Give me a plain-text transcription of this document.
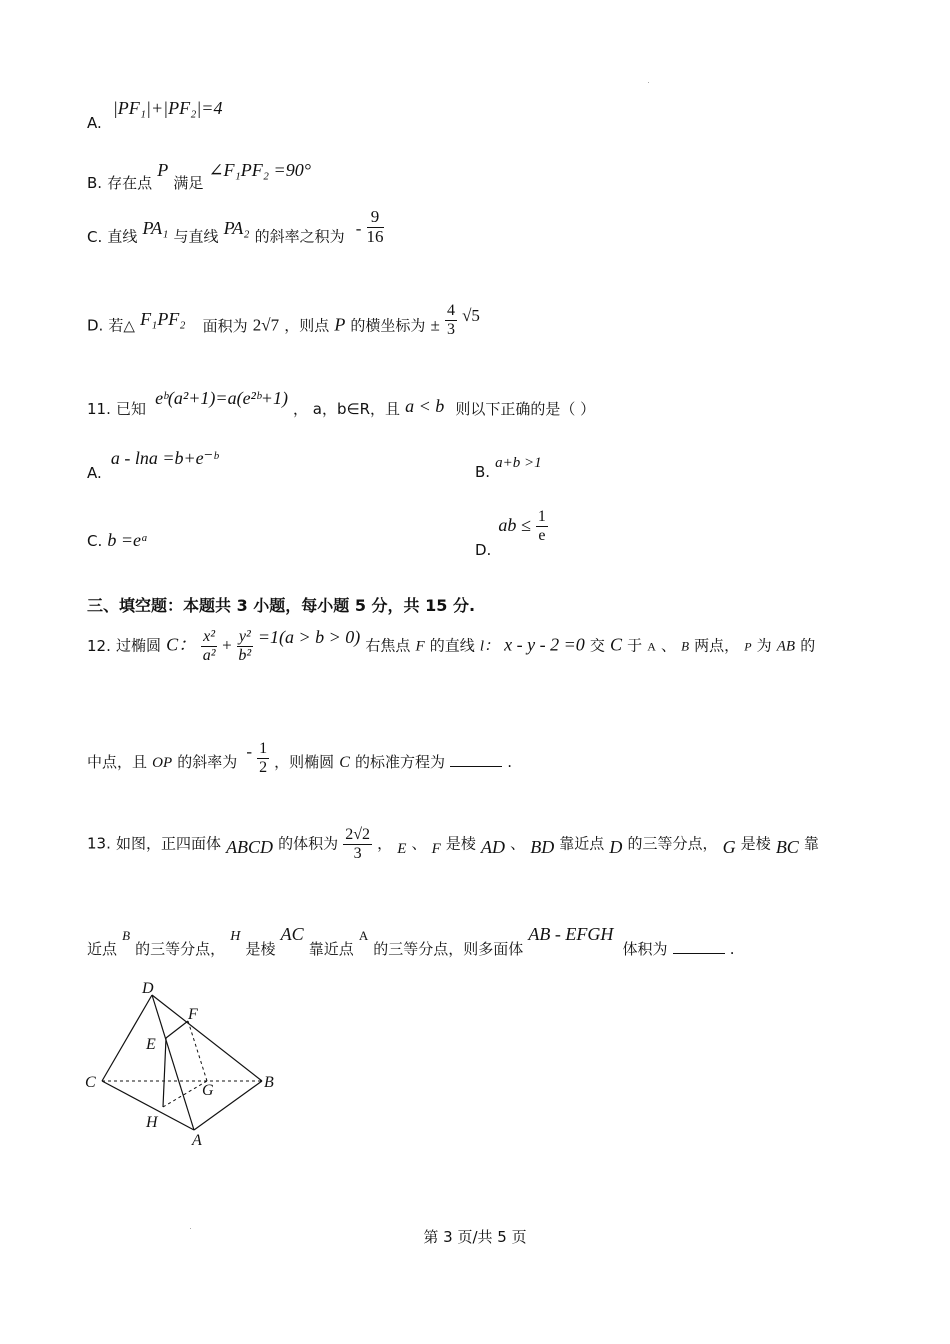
A. |PF₁|+|PF₂|=4
B. 存在点 P 满足 ∠F₁PF₂ =90°
C. 直线 PA₁ 与直线 PA₂ 的斜率之积为 - $\frac{9}{16}$
D. 若△ F₁PF₂ 面积为 2√7 ，则点 P 的横坐标为 ± $\frac{4}{3} √5$
11. 已知 eᵇ(a²+1)=a(e²ᵇ+1) ， a，b∈R，且 a < b 则以下正确的是（ ）
A. a - lna =b+e⁻ᵇ
B. a+b >1
C. b =eᵃ	D. ab ≤ $\frac{1}{e}$
三、填空题：本题共 3 小题，每小题 5 分，共 15 分.
12. 过椭圆 C： $\frac{\text{x²}}{\text{a²}} + \frac{\text{y²}}{\text{b²}} =1(a > b > 0)$ 右焦点 F 的直线 l： x - y - 2 =0 交 C 于 A 、 B 两点， P 为 AB 的
中点，且 OP 的斜率为 - $\frac{1}{2}$ ，则椭圆 C 的标准方程为	.
13. 如图，正四面体 ABCD 的体积为 $\frac{2√2}{3}$ ， E 、 F 是棱 AD 、 BD 靠近点 D 的三等分点， G 是棱 BC 靠
近点 B 的三等分点， H 是棱 AC 靠近点 A 的三等分点，则多面体 AB - EFGH 体积为	.
D
F
E
C	G	B
H
A
第 3 页/共 5 页
